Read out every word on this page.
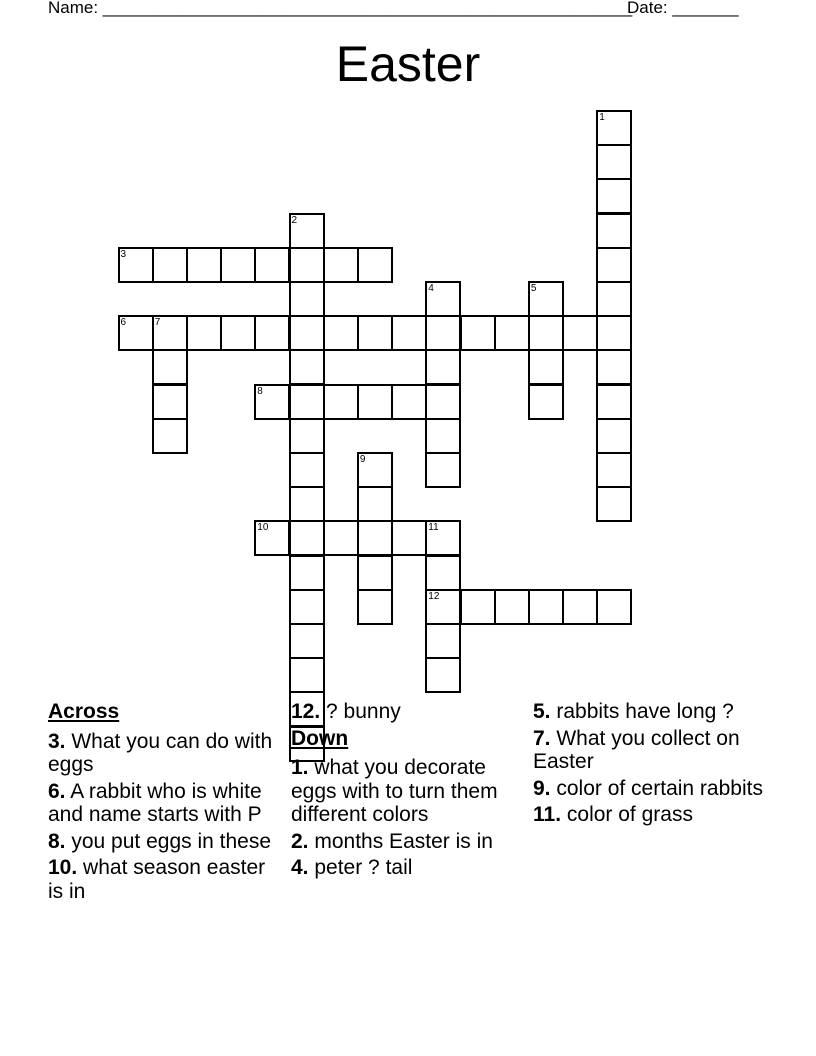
Name: ________________________________________________________
Date: _______
Easter
1
2
3
4	5
6	7
8
9
10	11
12
Across
3. What you can do with eggs
6. A rabbit who is white and name starts with P
8. you put eggs in these
10. what season easter is in
12. ? bunny
Down
1. what you decorate eggs with to turn them different colors
2. months Easter is in
4. peter ? tail
5. rabbits have long ?
7. What you collect on Easter
9. color of certain rabbits
11. color of grass
